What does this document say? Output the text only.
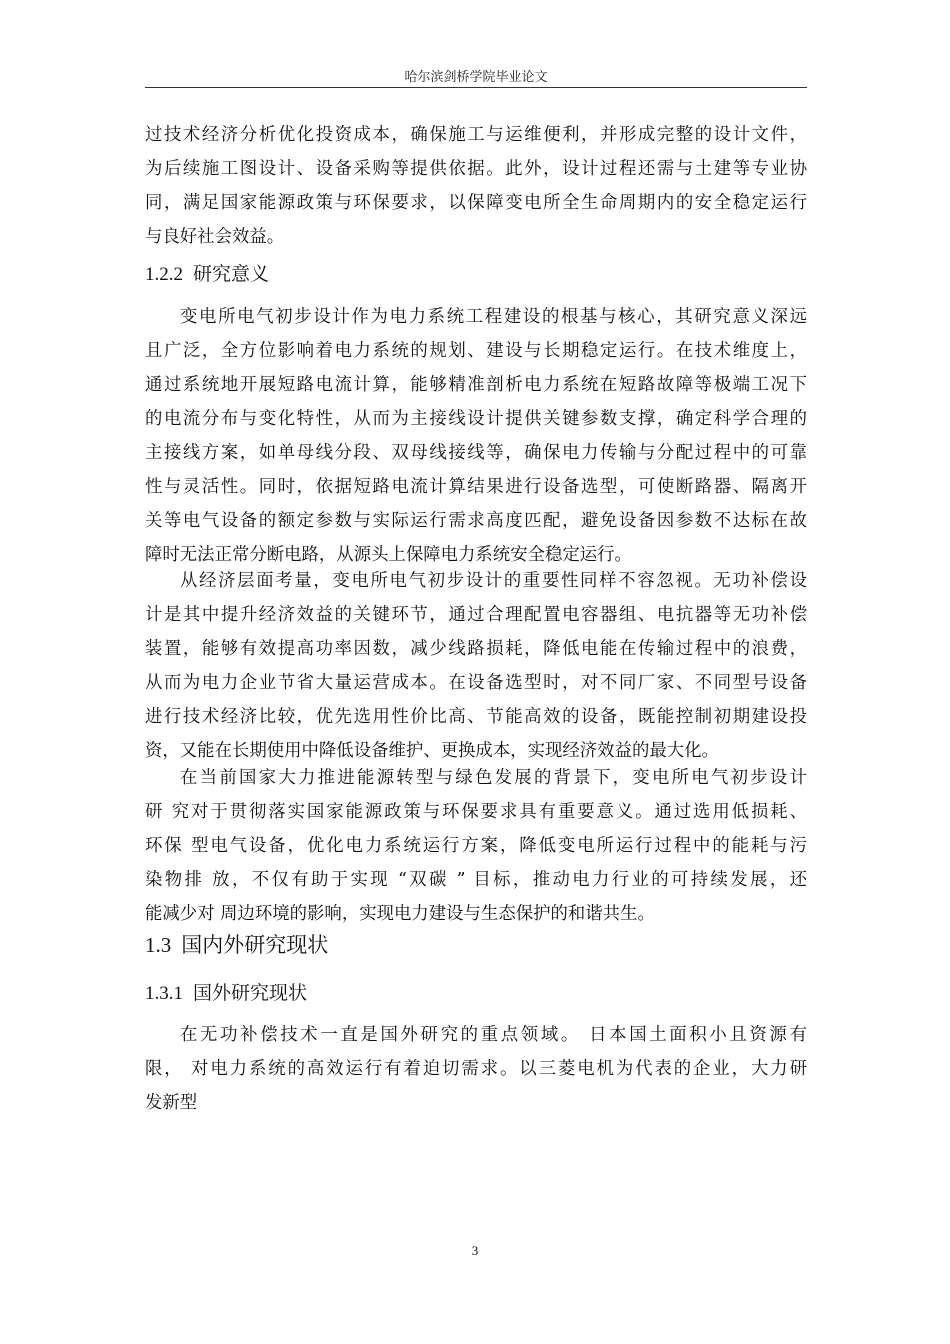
哈尔滨剑桥学院毕业论文
过技术经济分析优化投资成本，确保施工与运维便利，并形成完整的设计文件，
为后续施工图设计、设备采购等提供依据。此外，设计过程还需与土建等专业协
同，满足国家能源政策与环保要求，以保障变电所全生命周期内的安全稳定运行
与良好社会效益。
1.2.2 研究意义
变电所电气初步设计作为电力系统工程建设的根基与核心，其研究意义深远
且广泛，全方位影响着电力系统的规划、建设与长期稳定运行。在技术维度上，
通过系统地开展短路电流计算，能够精准剖析电力系统在短路故障等极端工况下
的电流分布与变化特性，从而为主接线设计提供关键参数支撑，确定科学合理的
主接线方案，如单母线分段、双母线接线等，确保电力传输与分配过程中的可靠
性与灵活性。同时，依据短路电流计算结果进行设备选型，可使断路器、隔离开
关等电气设备的额定参数与实际运行需求高度匹配，避免设备因参数不达标在故
障时无法正常分断电路，从源头上保障电力系统安全稳定运行。
从经济层面考量，变电所电气初步设计的重要性同样不容忽视。无功补偿设
计是其中提升经济效益的关键环节，通过合理配置电容器组、电抗器等无功补偿
装置，能够有效提高功率因数，减少线路损耗，降低电能在传输过程中的浪费，
从而为电力企业节省大量运营成本。在设备选型时，对不同厂家、不同型号设备
进行技术经济比较，优先选用性价比高、节能高效的设备，既能控制初期建设投
资，又能在长期使用中降低设备维护、更换成本，实现经济效益的最大化。
在当前国家大力推进能源转型与绿色发展的背景下，变电所电气初步设计
研 究对于贯彻落实国家能源政策与环保要求具有重要意义。通过选用低损耗、
环保 型电气设备，优化电力系统运行方案，降低变电所运行过程中的能耗与污
染物排 放，不仅有助于实现 “双碳 ” 目标，推动电力行业的可持续发展，还
能减少对 周边环境的影响，实现电力建设与生态保护的和谐共生。
1.3 国内外研究现状
1.3.1 国外研究现状
在无功补偿技术一直是国外研究的重点领域。 日本国土面积小且资源有
限， 对电力系统的高效运行有着迫切需求。以三菱电机为代表的企业，大力研
发新型
3
